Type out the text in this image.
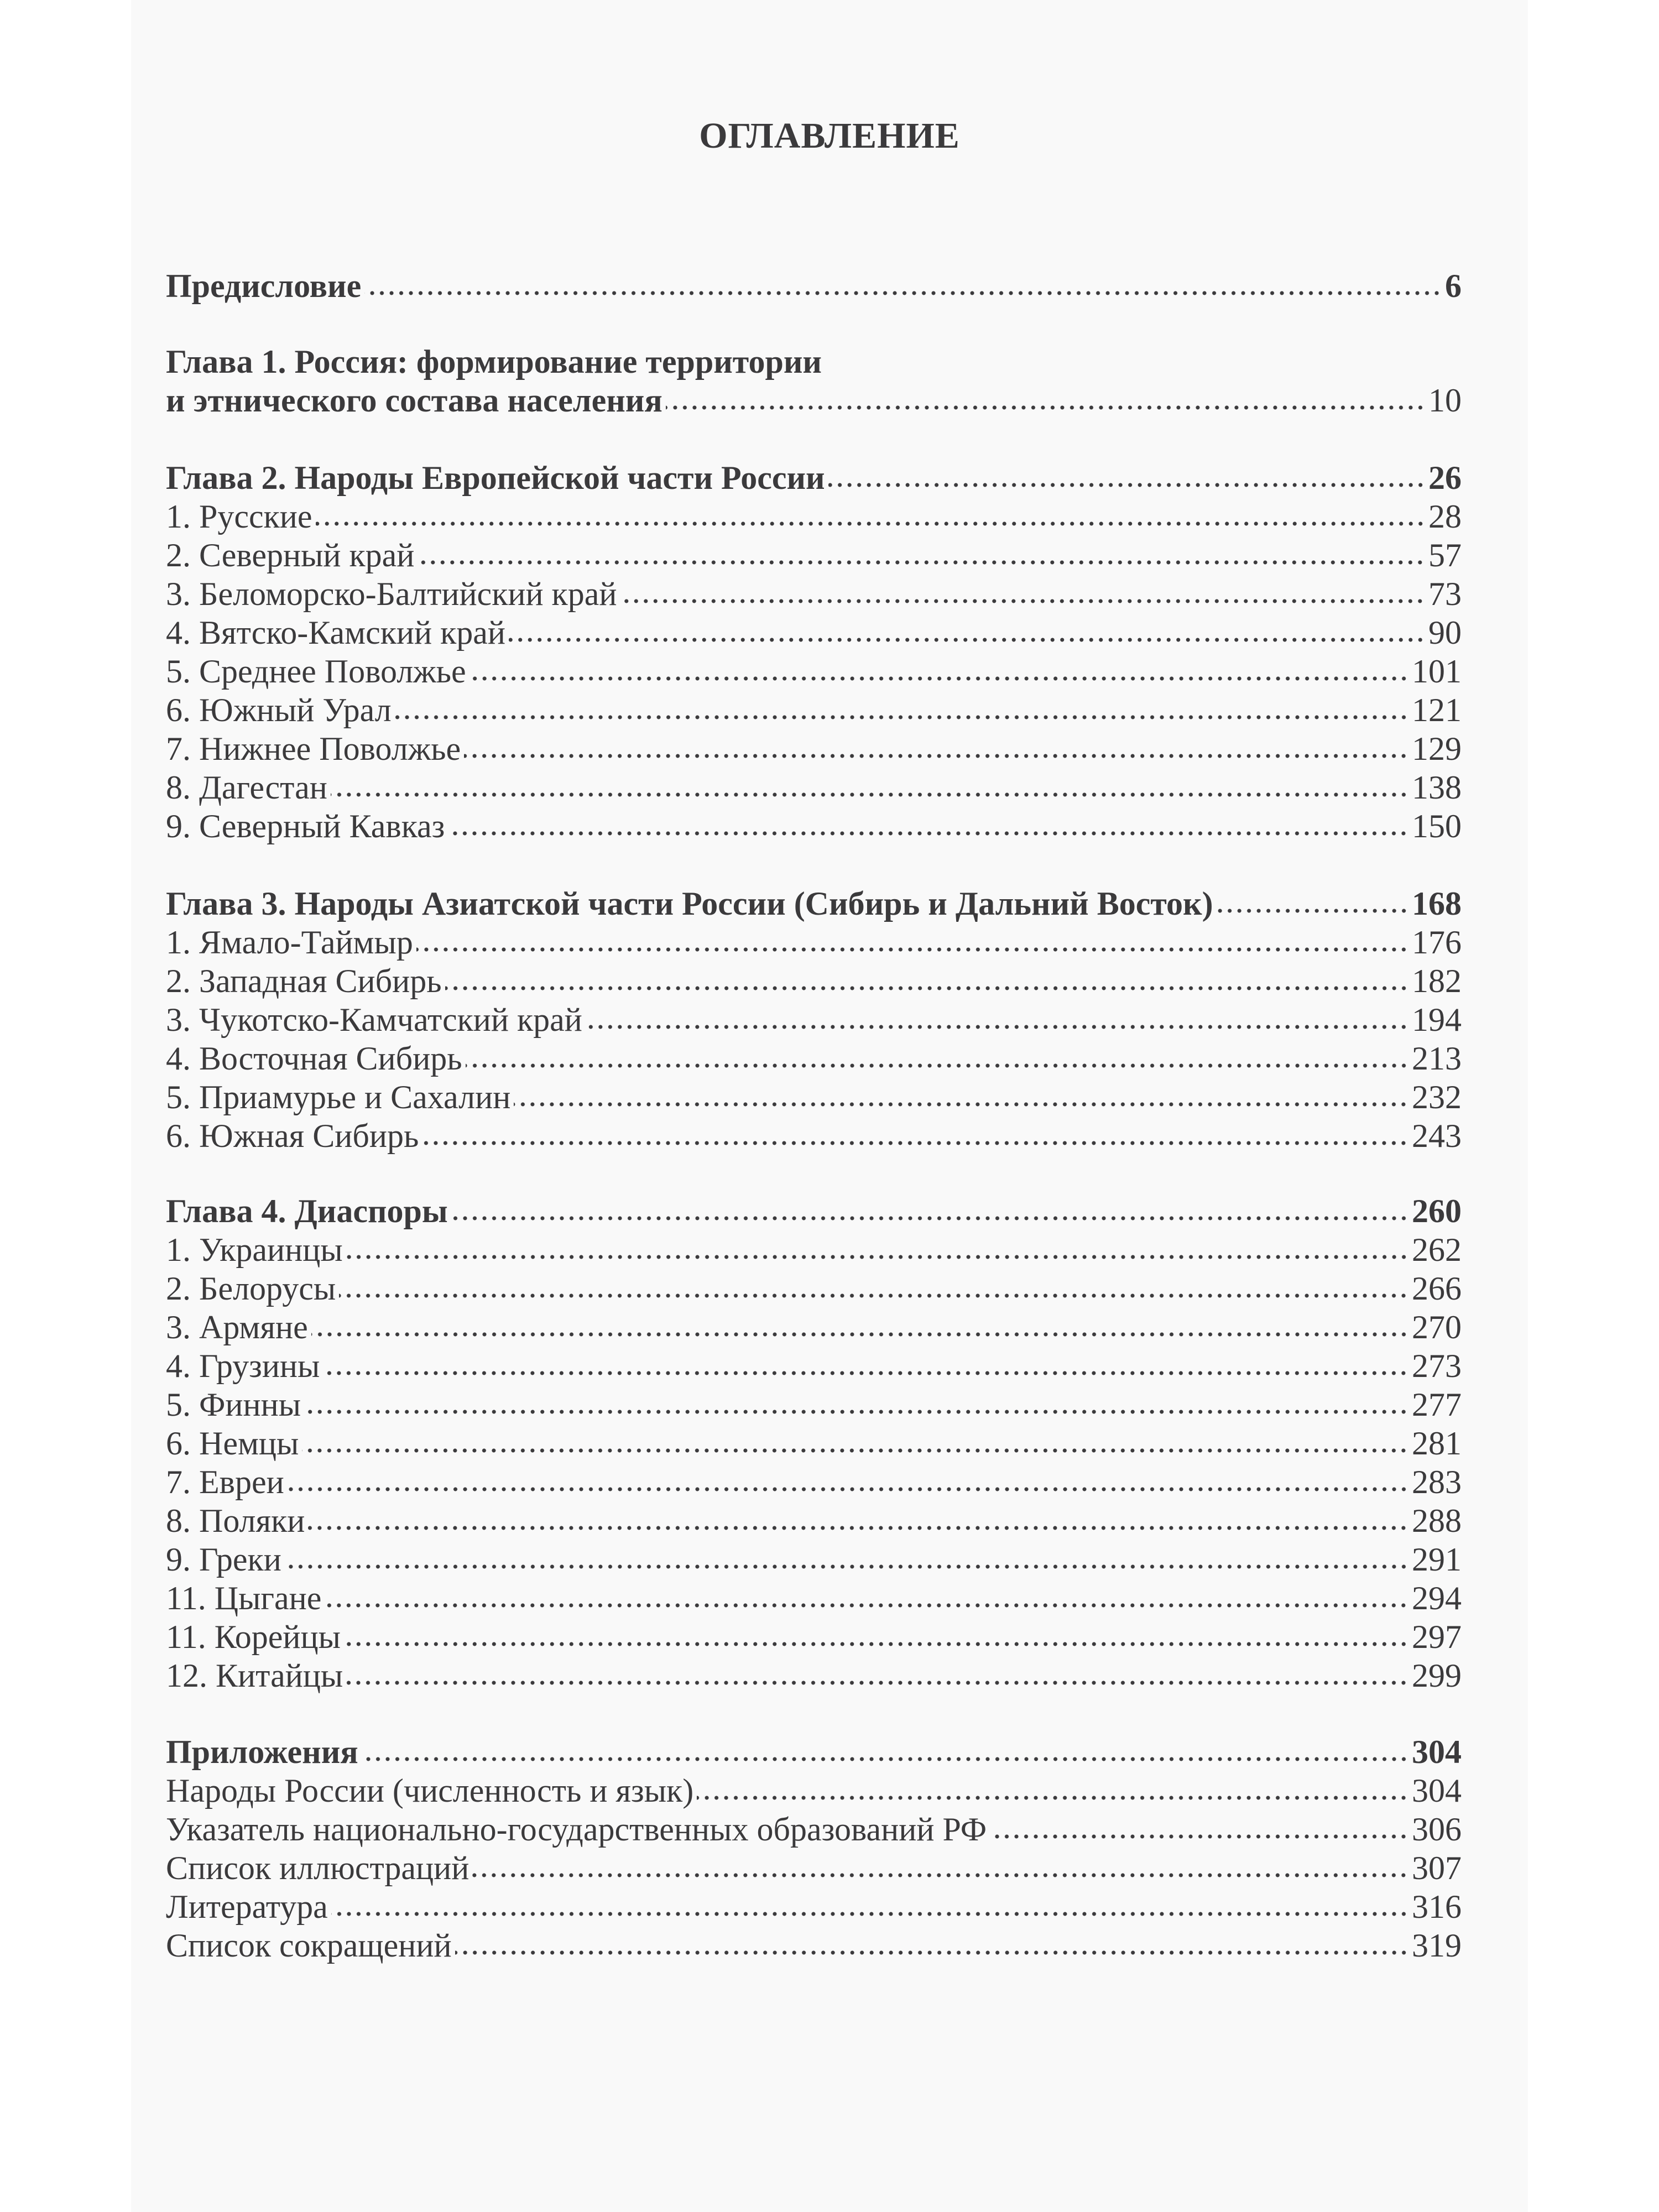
ОГЛАВЛЕНИЕ
Предисловие	6
Глава 1. Россия: формирование территории
и этнического состава населения	10
Глава 2. Народы Европейской части России	26
1. Русские	28
2. Северный край	57
3. Беломорско-Балтийский край	73
4. Вятско-Камский край	90
5. Среднее Поволжье	101
6. Южный Урал	121
7. Нижнее Поволжье	129
8. Дагестан	138
9. Северный Кавказ	150
Глава 3. Народы Азиатской части России (Сибирь и Дальний Восток)	168
1. Ямало-Таймыр	176
2. Западная Сибирь	182
3. Чукотско-Камчатский край	194
4. Восточная Сибирь	213
5. Приамурье и Сахалин	232
6. Южная Сибирь	243
Глава 4. Диаспоры	260
1. Украинцы	262
2. Белорусы	266
3. Армяне	270
4. Грузины	273
5. Финны	277
6. Немцы	281
7. Евреи	283
8. Поляки	288
9. Греки	291
11. Цыгане	294
11. Корейцы	297
12. Китайцы	299
Приложения	304
Народы России (численность и язык)	304
Указатель национально-государственных образований РФ	306
Список иллюстраций	307
Литература	316
Список сокращений	319
